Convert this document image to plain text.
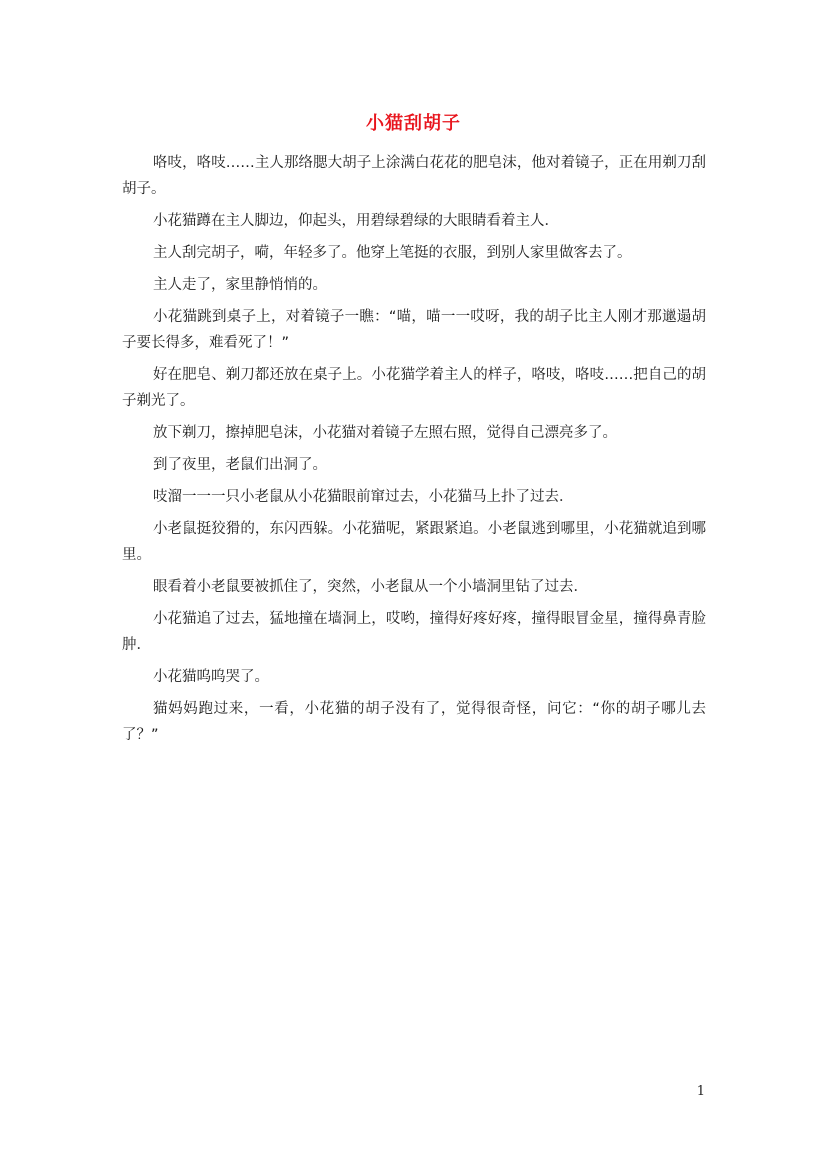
小猫刮胡子

咯吱，咯吱……主人那络腮大胡子上涂满白花花的肥皂沫，他对着镜子，正在用剃刀刮胡子。

小花猫蹲在主人脚边，仰起头，用碧绿碧绿的大眼睛看着主人．

主人刮完胡子，嗬，年轻多了。他穿上笔挺的衣服，到别人家里做客去了。

主人走了，家里静悄悄的。

小花猫跳到桌子上，对着镜子一瞧：“喵，喵一一哎呀，我的胡子比主人刚才那邋遢胡子要长得多，难看死了！”

好在肥皂、剃刀都还放在桌子上。小花猫学着主人的样子，咯吱，咯吱……把自己的胡子剃光了。

放下剃刀，擦掉肥皂沫，小花猫对着镜子左照右照，觉得自己漂亮多了。

到了夜里，老鼠们出洞了。

吱溜一一一只小老鼠从小花猫眼前窜过去，小花猫马上扑了过去．

小老鼠挺狡猾的，东闪西躲。小花猫呢，紧跟紧追。小老鼠逃到哪里，小花猫就追到哪里。

眼看着小老鼠要被抓住了，突然，小老鼠从一个小墙洞里钻了过去．

小花猫追了过去，猛地撞在墙洞上，哎哟，撞得好疼好疼，撞得眼冒金星，撞得鼻青脸肿．

小花猫呜呜哭了。

猫妈妈跑过来，一看，小花猫的胡子没有了，觉得很奇怪，问它：“你的胡子哪儿去了？”

1
